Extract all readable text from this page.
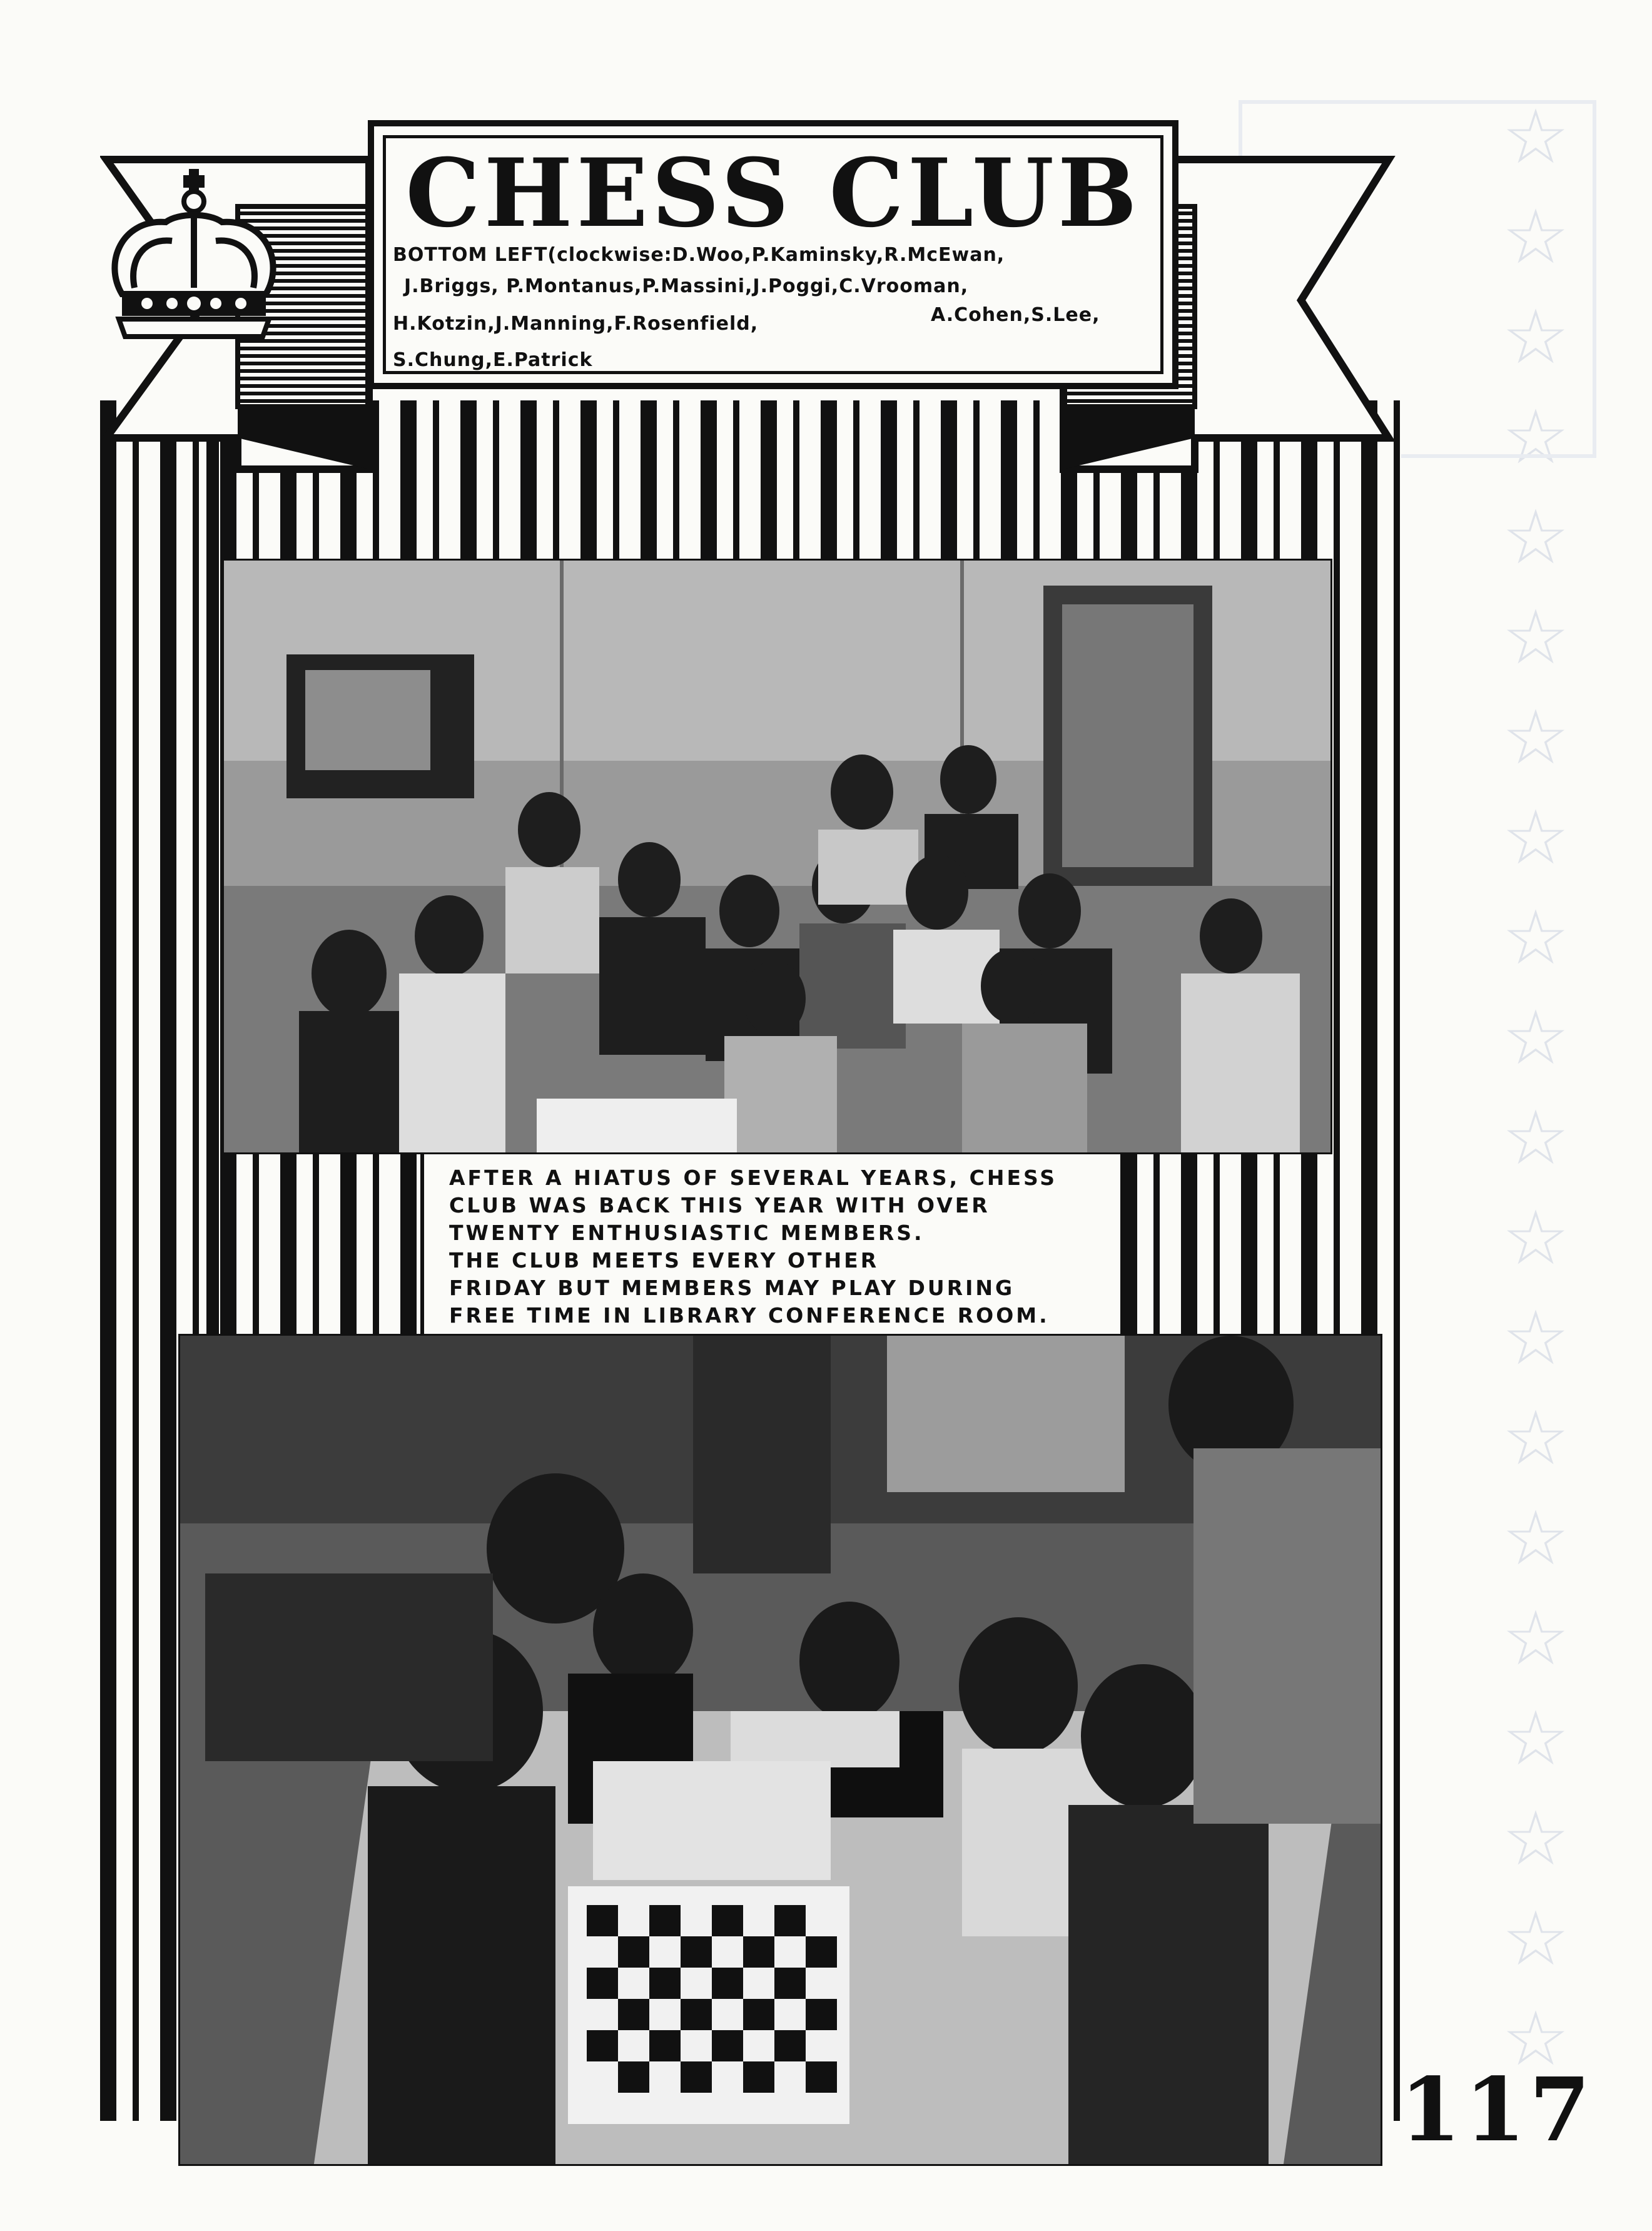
☆
☆
☆
☆
☆
☆
☆
☆
☆
☆
☆
☆
☆
☆
☆
☆
☆
☆
☆
☆
CHESS CLUB
BOTTOM LEFT(clockwise:D.Woo,P.Kaminsky,R.McEwan,
J.Briggs, P.Montanus,P.Massini,J.Poggi,C.Vrooman,
H.Kotzin,J.Manning,F.Rosenfield,	A.Cohen,S.Lee,
S.Chung,E.Patrick
AFTER A HIATUS OF SEVERAL YEARS, CHESS
CLUB WAS BACK THIS YEAR WITH OVER
TWENTY ENTHUSIASTIC MEMBERS.
THE CLUB MEETS EVERY OTHER
FRIDAY BUT MEMBERS MAY PLAY DURING
FREE TIME IN LIBRARY CONFERENCE ROOM.
117
